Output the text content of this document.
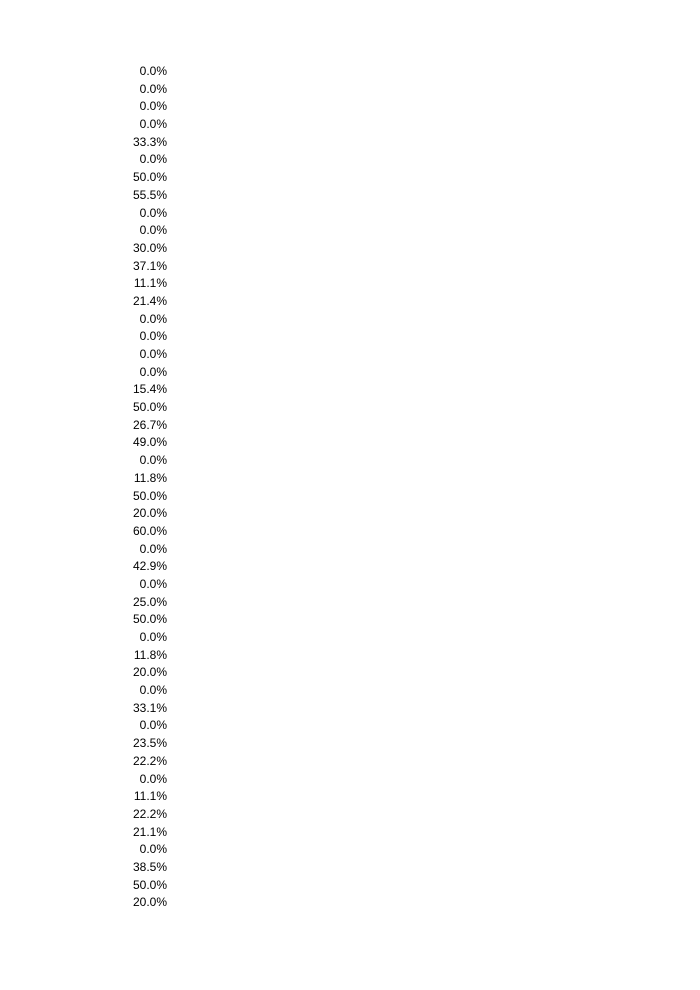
0.0%
0.0%
0.0%
0.0%
33.3%
0.0%
50.0%
55.5%
0.0%
0.0%
30.0%
37.1%
11.1%
21.4%
0.0%
0.0%
0.0%
0.0%
15.4%
50.0%
26.7%
49.0%
0.0%
11.8%
50.0%
20.0%
60.0%
0.0%
42.9%
0.0%
25.0%
50.0%
0.0%
11.8%
20.0%
0.0%
33.1%
0.0%
23.5%
22.2%
0.0%
11.1%
22.2%
21.1%
0.0%
38.5%
50.0%
20.0%
